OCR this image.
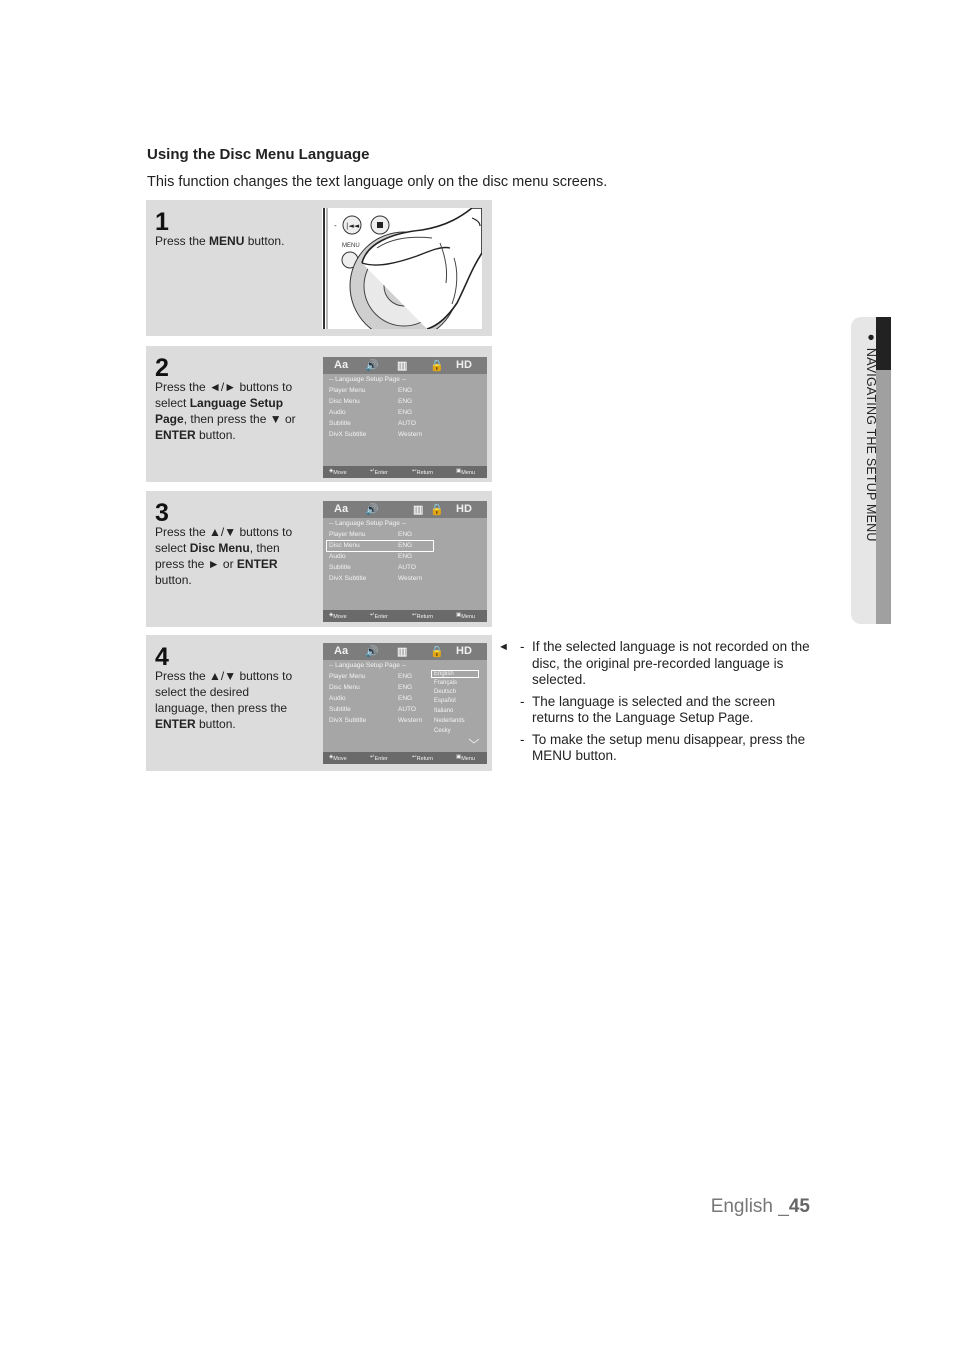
Using the Disc Menu Language

This function changes the text language only on the disc menu screens.

1
Press the MENU button.
|◄◄
-
MENU
2
Press the ◄/► buttons to select Language Setup Page, then press the ▼ or ENTER button.
Aa 🔊 ▥ 🔒 HD
-- Language Setup Page --
Player Menu	ENG
Disc Menu	ENG
Audio	ENG
Subtitle	AUTO
DivX Subtitle	Western
◈ Move	↵ Enter	↩ Return	▣ Menu
3
Press the ▲/▼ buttons to select Disc Menu, then press the ► or ENTER button.
Aa 🔊	▥ 🔒 HD
-- Language Setup Page --
Player Menu	ENG
Disc Menu	ENG
Audio	ENG
Subtitle	AUTO
DivX Subtitle	Western
◈ Move	↵ Enter	↩ Return	▣ Menu
4
Press the ▲/▼ buttons to select the desired language, then press the ENTER button.
Aa 🔊 ▥ 🔒 HD
-- Language Setup Page --
Player Menu	ENG
Disc Menu	ENG
Audio	ENG
Subtitle	AUTO
DivX Subtitle	Western
English
Français
Deutsch
Español
Italiano
Nederlands
Cesky
◈ Move	↵ Enter	↩ Return	▣ Menu
◄
-	If the selected language is not recorded on the disc, the original pre-recorded language is selected.
- The language is selected and the screen returns to the Language Setup Page.
- To make the setup menu disappear, press the MENU button.
● NAVIGATING THE SETUP MENU
English _45
